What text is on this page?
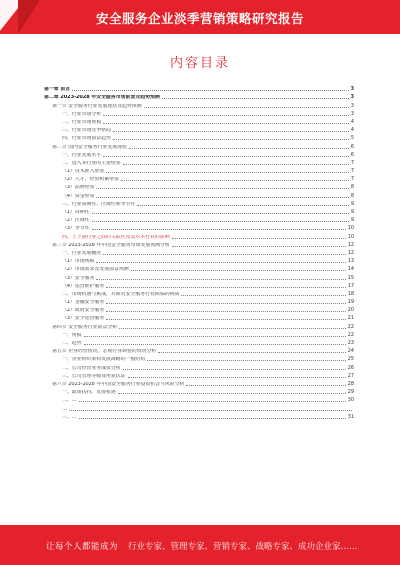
安全服务企业淡季营销策略研究报告
内容目录
第一章 前言	3
第二章 2023-2028 年安全服务市场前景及趋势预测	3
第一节 安全服务行业发展现状及趋势预测	3
一、行业市场分析	3
二、行业市场规模	4
三、行业市场竞争格局	4
四、行业市场前景趋势	5
第二节 国内安全服务行业发展现状	6
一、行业发展水平	6
二、进入本行业的主要壁垒	7
（1）技术准入壁垒	7
（2）人才、经验积累壁垒	7
（3）品牌壁垒	8
（4）资金壁垒	8
三、行业周期性、区域性和季节性	9
（1）周期性	9
（2）区域性	9
（3）季节性	10
四、上下游行业之间的关联性及其对本行业的影响	10
第三节 2023-2028 年中国安全服务市场发展预测分析	12
一、行业发展概况	12
（1）市场规模	13
（2）市场需求及发展前景预测	14
（3）安全服务	15
（4）运营维护服务	17
二、市场机遇与挑战，并面对安全服务行业面临的挑战	18
（1）金融安全服务	19
（2）政府安全服务	20
（3）安全运营服务	21
第四节 安全服务行业前景分析	22
一、规模	22
二、趋势	23
第五节 企业经营情况，宏观行业调整的情况分析	24
一、企业组织架构发展战略的一般结构	25
二、公司经营业务成效分析	26
三、公司管理等级及所获认证	27
第六节 2023-2028 年中国安全服务行业投资机会与风险分析	28
一、政策扶持、发展机遇	29
二、…	30
…
三、…	31
让每个人都能成为 行业专家、管理专家、营销专家、战略专家、成功企业家……
